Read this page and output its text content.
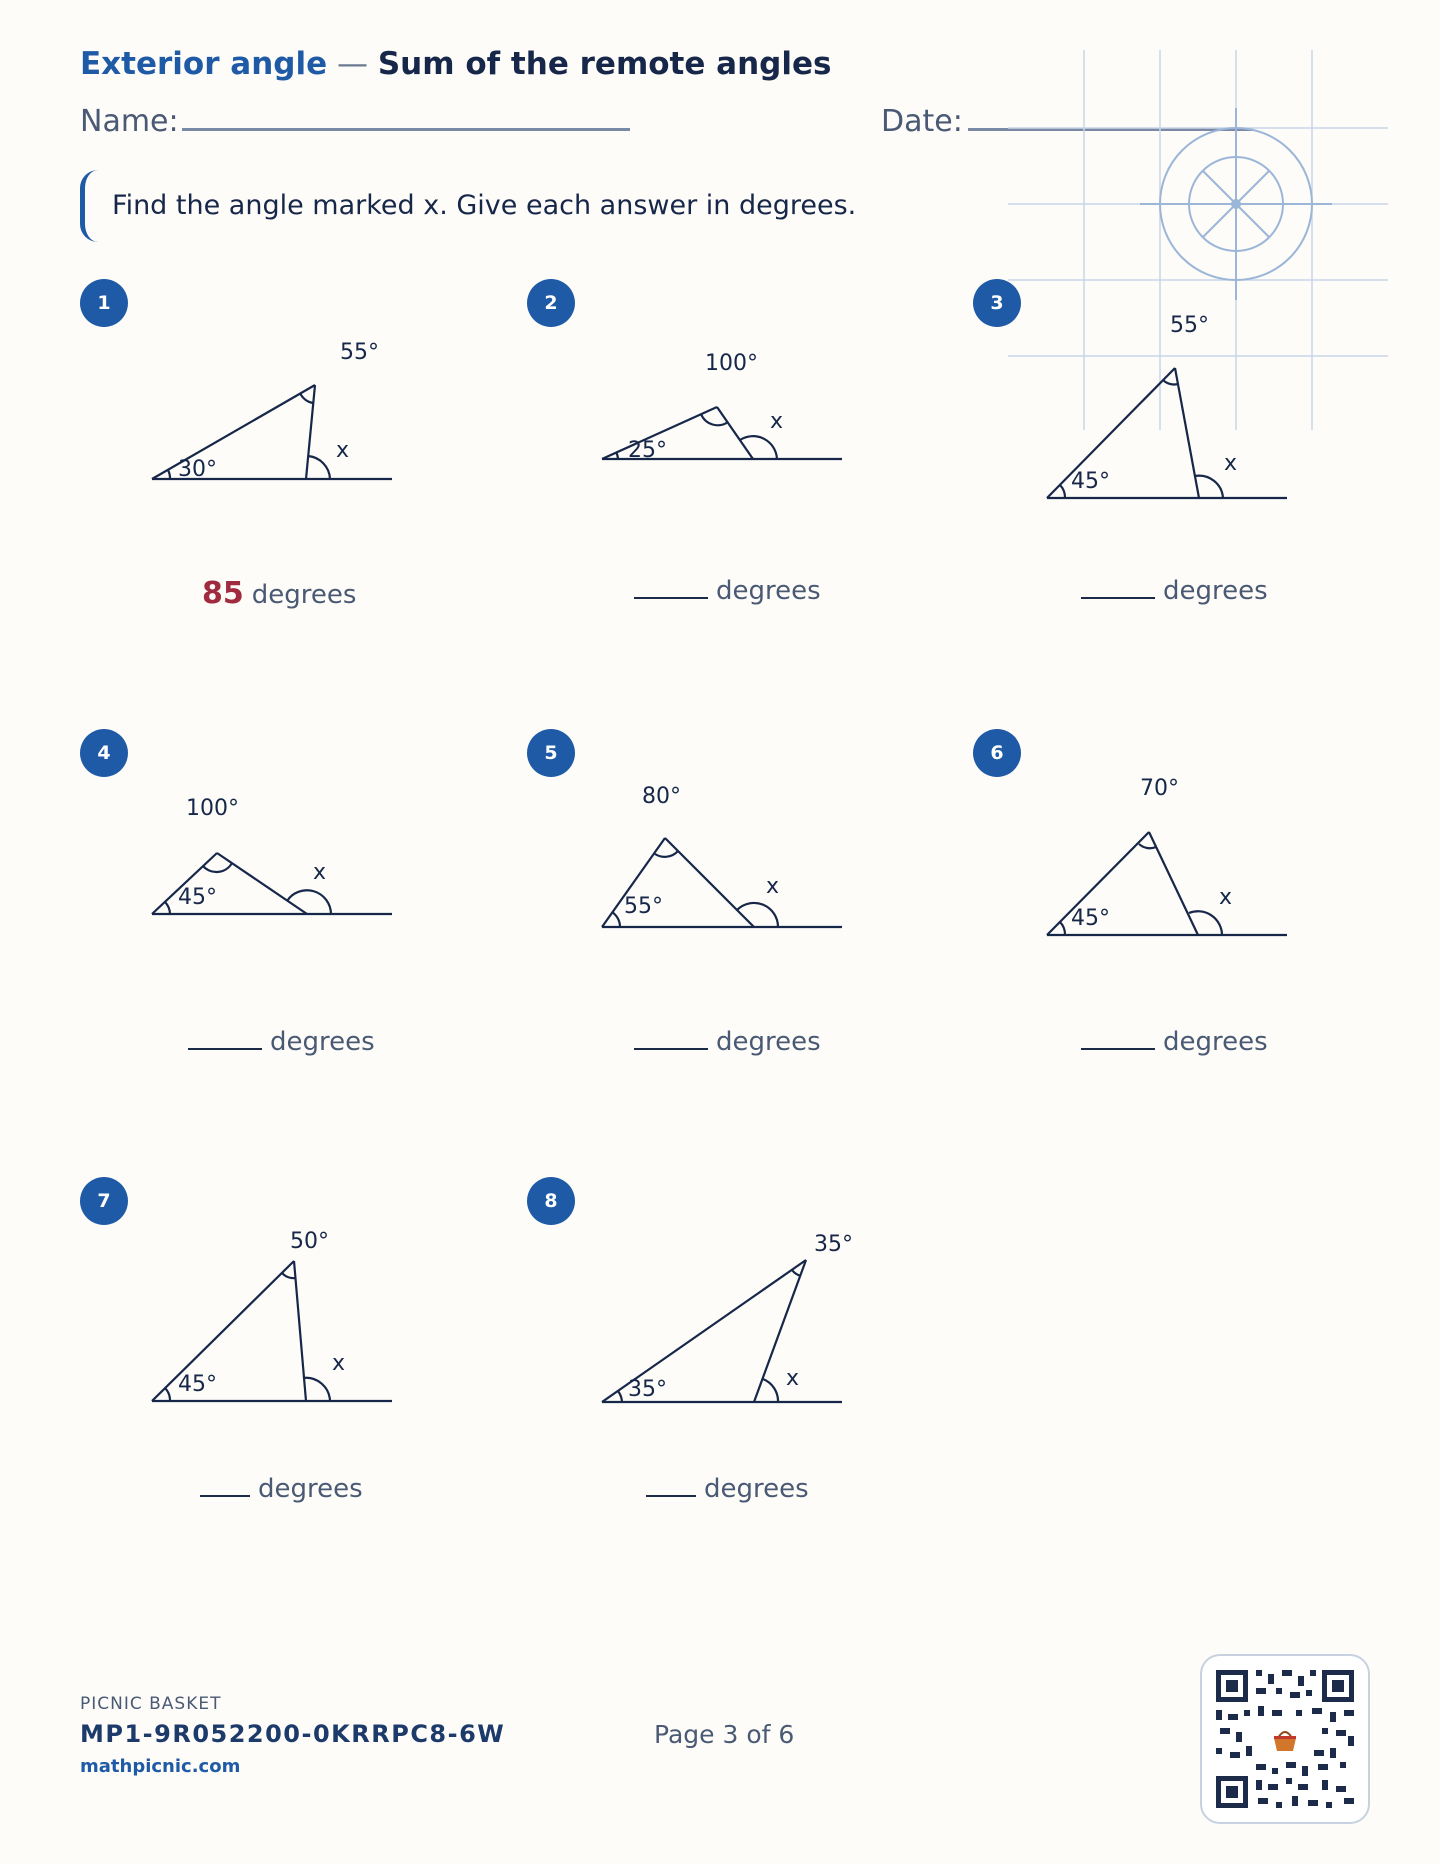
Exterior angle — Sum of the remote angles
Name:	Date:
Find the angle marked x. Give each answer in degrees.
1
55°
30°
x
85 degrees
2
100°
25°
x
degrees
3
55°
45°
x
degrees
4
100°
45°
x
degrees
5
80°
55°
x
degrees
6
70°
45°
x
degrees
7
50°
45°
x
degrees
8
35°
35°	x
degrees
PICNIC BASKET
MP1-9R052200-0KRRPC8-6W
mathpicnic.com
Page 3 of 6
